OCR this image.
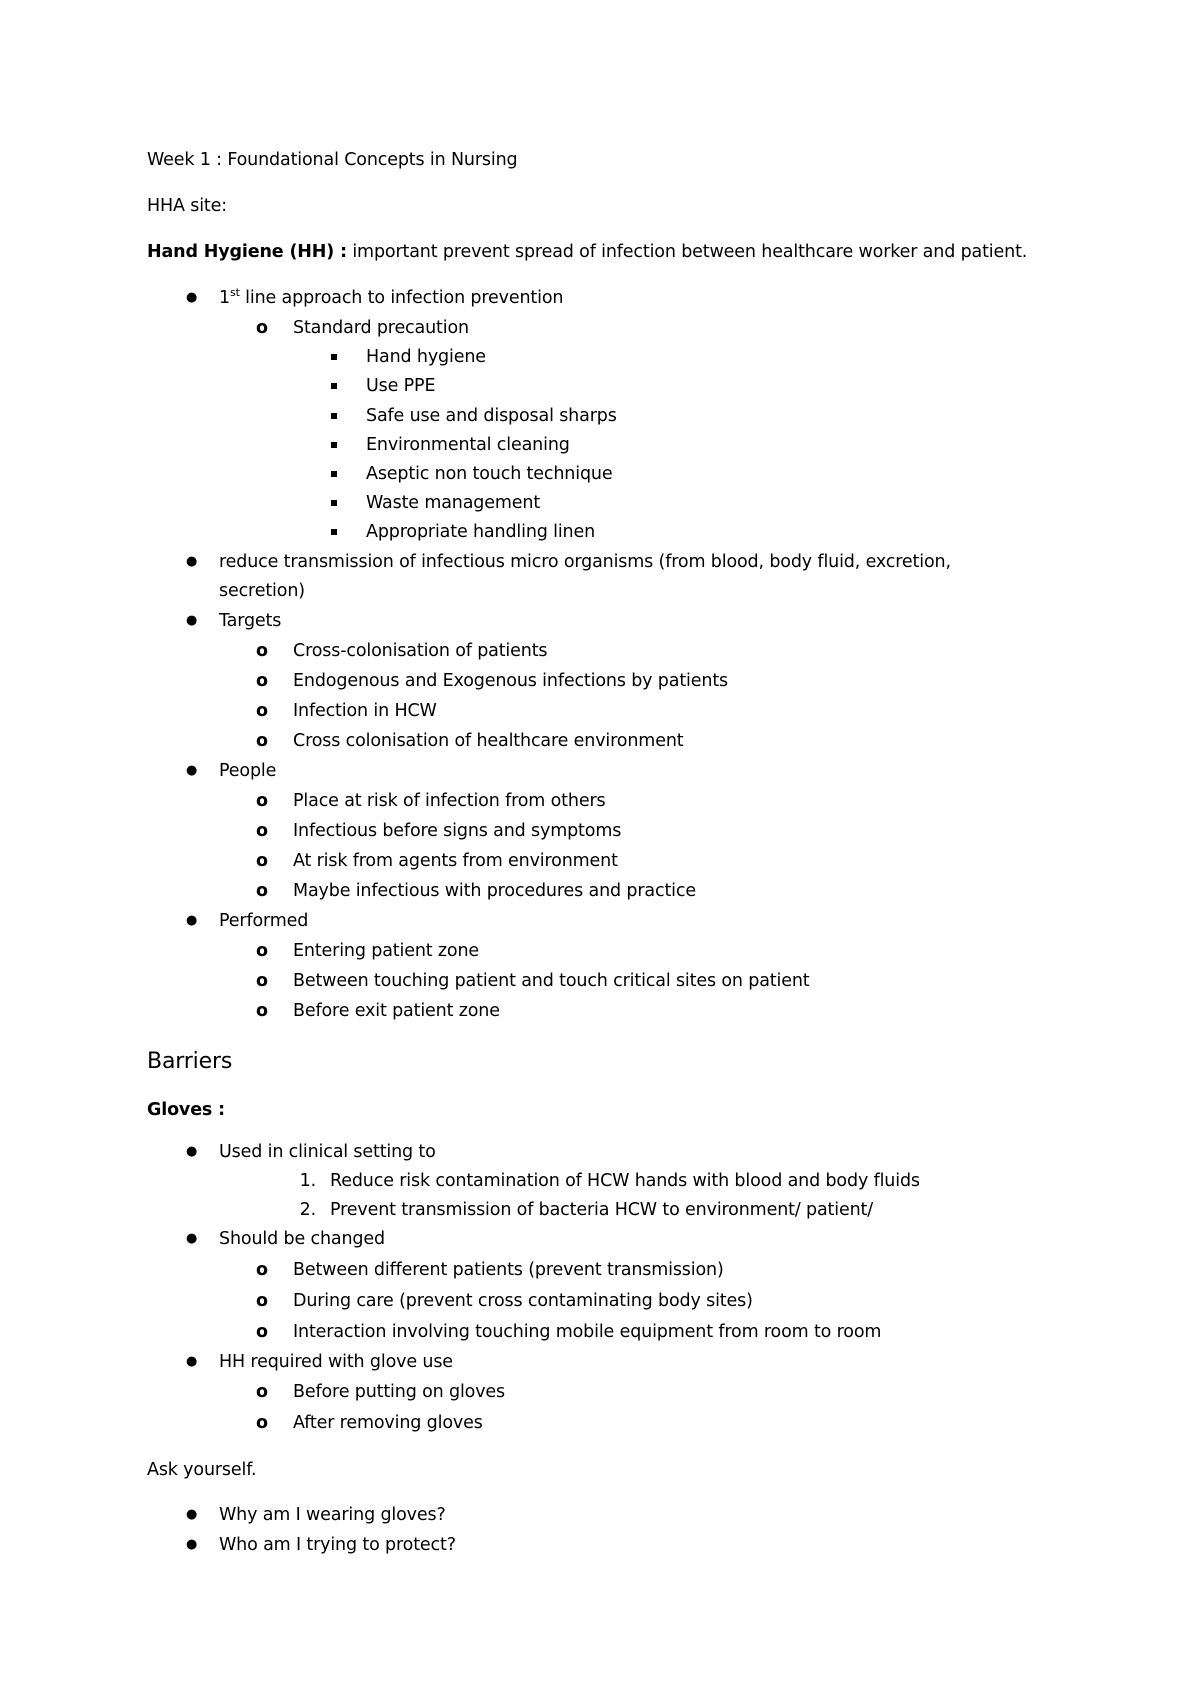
Week 1 : Foundational Concepts in Nursing
HHA site:
Hand Hygiene (HH) : important prevent spread of infection between healthcare worker and patient.
● 1st line approach to infection prevention
o Standard precaution
Hand hygiene
Use PPE
Safe use and disposal sharps
Environmental cleaning
Aseptic non touch technique
Waste management
Appropriate handling linen
● reduce transmission of infectious micro organisms (from blood, body fluid, excretion,
secretion)
● Targets
o Cross-colonisation of patients
o Endogenous and Exogenous infections by patients
o Infection in HCW
o Cross colonisation of healthcare environment
● People
o Place at risk of infection from others
o Infectious before signs and symptoms
o At risk from agents from environment
o Maybe infectious with procedures and practice
● Performed
o Entering patient zone
o Between touching patient and touch critical sites on patient
o Before exit patient zone
Barriers
Gloves :
● Used in clinical setting to
1. Reduce risk contamination of HCW hands with blood and body fluids
2. Prevent transmission of bacteria HCW to environment/ patient/
● Should be changed
o Between different patients (prevent transmission)
o During care (prevent cross contaminating body sites)
o Interaction involving touching mobile equipment from room to room
● HH required with glove use
o Before putting on gloves
o After removing gloves
Ask yourself.
● Why am I wearing gloves?
● Who am I trying to protect?
